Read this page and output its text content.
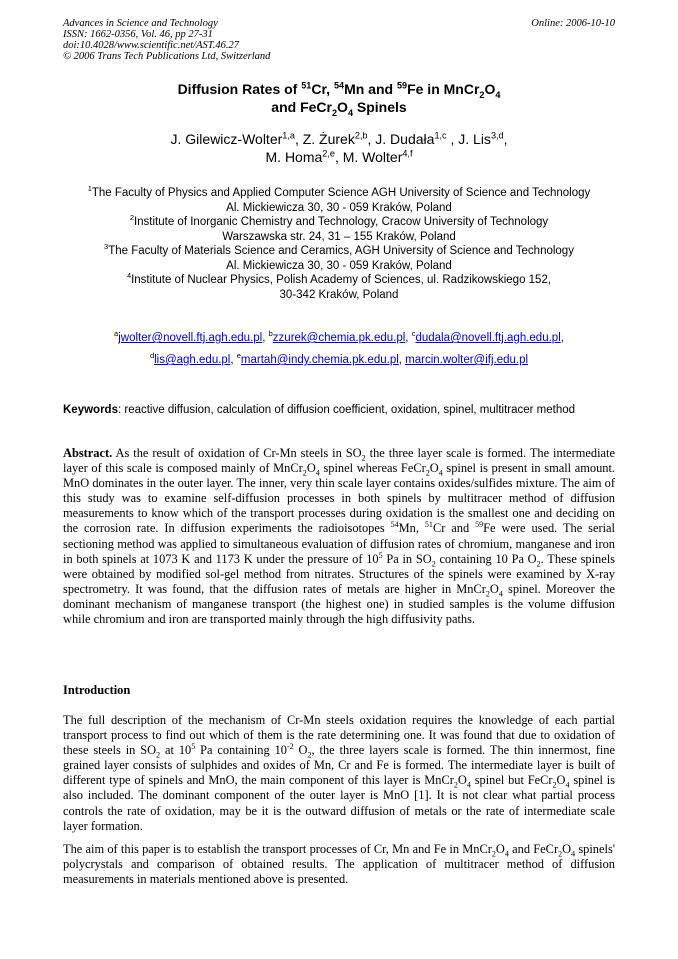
Advances in Science and Technology
ISSN: 1662-0356, Vol. 46, pp 27-31
doi:10.4028/www.scientific.net/AST.46.27
© 2006 Trans Tech Publications Ltd, Switzerland
Online: 2006-10-10
Diffusion Rates of $^{51}$Cr, $^{54}$Mn and $^{59}$Fe in $MnCr_2O_4$
and $FeCr_2O_4$ Spinels
J. Gilewicz-Wolter$^{1,a}$, Z. Żurek$^{2,b}$, J. Dudała$^{1,c}$ , J. Lis$^{3,d}$,
M. Homa$^{2,e}$, M. Wolter$^{4,f}$
$^1$The Faculty of Physics and Applied Computer Science AGH University of Science and Technology
Al. Mickiewicza 30, 30 - 059 Kraków, Poland
$^2$Institute of Inorganic Chemistry and Technology, Cracow University of Technology
Warszawska str. 24, 31 – 155 Kraków, Poland
$^3$The Faculty of Materials Science and Ceramics, AGH University of Science and Technology
Al. Mickiewicza 30, 30 - 059 Kraków, Poland
$^4$Institute of Nuclear Physics, Polish Academy of Sciences, ul. Radzikowskiego 152,
30-342 Kraków, Poland
$^a$jwolter@novell.ftj.agh.edu.pl, $^b$zzurek@chemia.pk.edu.pl, $^c$dudala@novell.ftj.agh.edu.pl,
$^d$lis@agh.edu.pl, $^e$martah@indy.chemia.pk.edu.pl, marcin.wolter@ifj.edu.pl
Keywords: reactive diffusion, calculation of diffusion coefficient, oxidation, spinel, multitracer method
Abstract. As the result of oxidation of Cr-Mn steels in $SO_2$ the three layer scale is formed. The intermediate layer of this scale is composed mainly of $MnCr_2O_4$ spinel whereas $FeCr_2O_4$ spinel is present in small amount. MnO dominates in the outer layer. The inner, very thin scale layer contains oxides/sulfides mixture. The aim of this study was to examine self-diffusion processes in both spinels by multitracer method of diffusion measurements to know which of the transport processes during oxidation is the smallest one and deciding on the corrosion rate. In diffusion experiments the radioisotopes $^{54}$Mn, $^{51}$Cr and $^{59}$Fe were used. The serial sectioning method was applied to simultaneous evaluation of diffusion rates of chromium, manganese and iron in both spinels at 1073 K and 1173 K under the pressure of $10^5$ Pa in $SO_2$ containing 10 Pa $O_2$. These spinels were obtained by modified sol-gel method from nitrates. Structures of the spinels were examined by X-ray spectrometry. It was found, that the diffusion rates of metals are higher in $MnCr_2O_4$ spinel. Moreover the dominant mechanism of manganese transport (the highest one) in studied samples is the volume diffusion while chromium and iron are transported mainly through the high diffusivity paths.
Introduction
The full description of the mechanism of Cr-Mn steels oxidation requires the knowledge of each partial transport process to find out which of them is the rate determining one. It was found that due to oxidation of these steels in $SO_2$ at $10^5$ Pa containing $10^{-2}$ $O_2$, the three layers scale is formed. The thin innermost, fine grained layer consists of sulphides and oxides of Mn, Cr and Fe is formed. The intermediate layer is built of different type of spinels and MnO, the main component of this layer is $MnCr_2O_4$ spinel but $FeCr_2O_4$ spinel is also included. The dominant component of the outer layer is MnO [1]. It is not clear what partial process controls the rate of oxidation, may be it is the outward diffusion of metals or the rate of intermediate scale layer formation.
The aim of this paper is to establish the transport processes of Cr, Mn and Fe in $MnCr_2O_4$ and $FeCr_2O_4$ spinels' polycrystals and comparison of obtained results. The application of multitracer method of diffusion measurements in materials mentioned above is presented.
